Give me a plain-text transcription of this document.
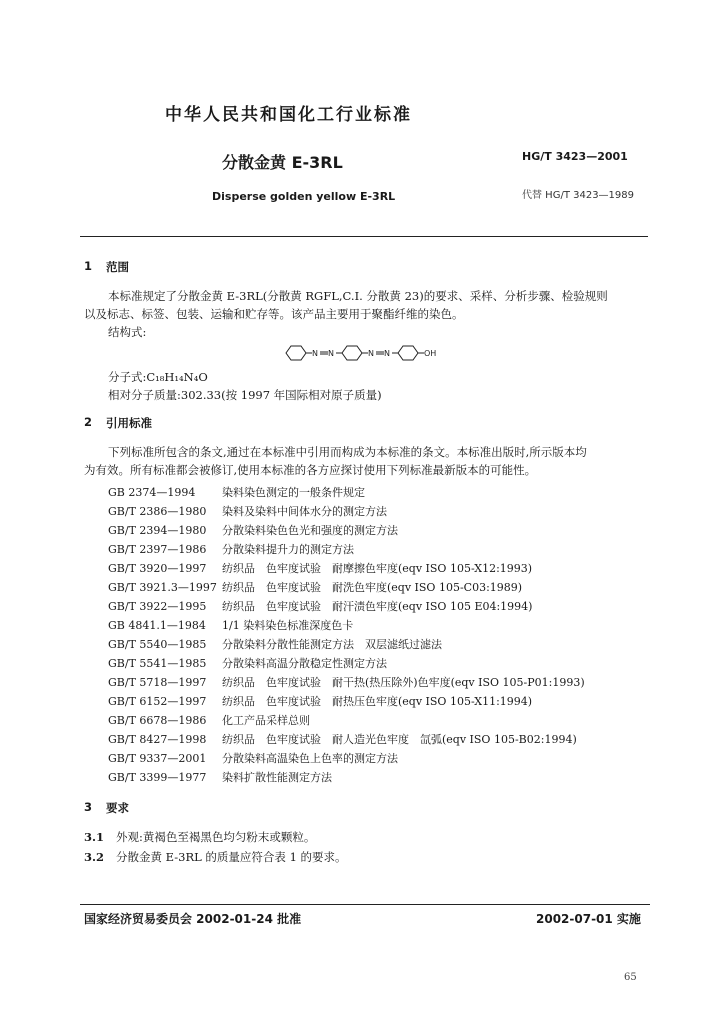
中华人民共和国化工行业标准
分散金黄 E-3RL	HG/T 3423—2001
代替 HG/T 3423—1989
Disperse golden yellow E-3RL
1 范围
本标准规定了分散金黄 E-3RL(分散黄 RGFL,C.I. 分散黄 23)的要求、采样、分析步骤、检验规则
以及标志、标签、包装、运输和贮存等。该产品主要用于聚酯纤维的染色。
结构式:
N N	N N	OH
分子式:C₁₈H₁₄N₄O
相对分子质量:302.33(按 1997 年国际相对原子质量)
2 引用标准
下列标准所包含的条文,通过在本标准中引用而构成为本标准的条文。本标准出版时,所示版本均
为有效。所有标准都会被修订,使用本标准的各方应探讨使用下列标准最新版本的可能性。
GB 2374—1994 染料染色测定的一般条件规定
GB/T 2386—1980 染料及染料中间体水分的测定方法
GB/T 2394—1980 分散染料染色色光和强度的测定方法
GB/T 2397—1986 分散染料提升力的测定方法
GB/T 3920—1997 纺织品　色牢度试验　耐摩擦色牢度(eqv ISO 105-X12:1993)
GB/T 3921.3—1997 纺织品　色牢度试验　耐洗色牢度(eqv ISO 105-C03:1989)
GB/T 3922—1995 纺织品　色牢度试验　耐汗渍色牢度(eqv ISO 105 E04:1994)
GB 4841.1—1984 1/1 染料染色标准深度色卡
GB/T 5540—1985 分散染料分散性能测定方法　双层滤纸过滤法
GB/T 5541—1985 分散染料高温分散稳定性测定方法
GB/T 5718—1997 纺织品　色牢度试验　耐干热(热压除外)色牢度(eqv ISO 105-P01:1993)
GB/T 6152—1997 纺织品　色牢度试验　耐热压色牢度(eqv ISO 105-X11:1994)
GB/T 6678—1986 化工产品采样总则
GB/T 8427—1998 纺织品　色牢度试验　耐人造光色牢度　氙弧(eqv ISO 105-B02:1994)
GB/T 9337—2001 分散染料高温染色上色率的测定方法
GB/T 3399—1977 染料扩散性能测定方法
3 要求
3.1 外观:黄褐色至褐黑色均匀粉末或颗粒。
3.2 分散金黄 E-3RL 的质量应符合表 1 的要求。
国家经济贸易委员会 2002-01-24 批准	2002-07-01 实施
65
